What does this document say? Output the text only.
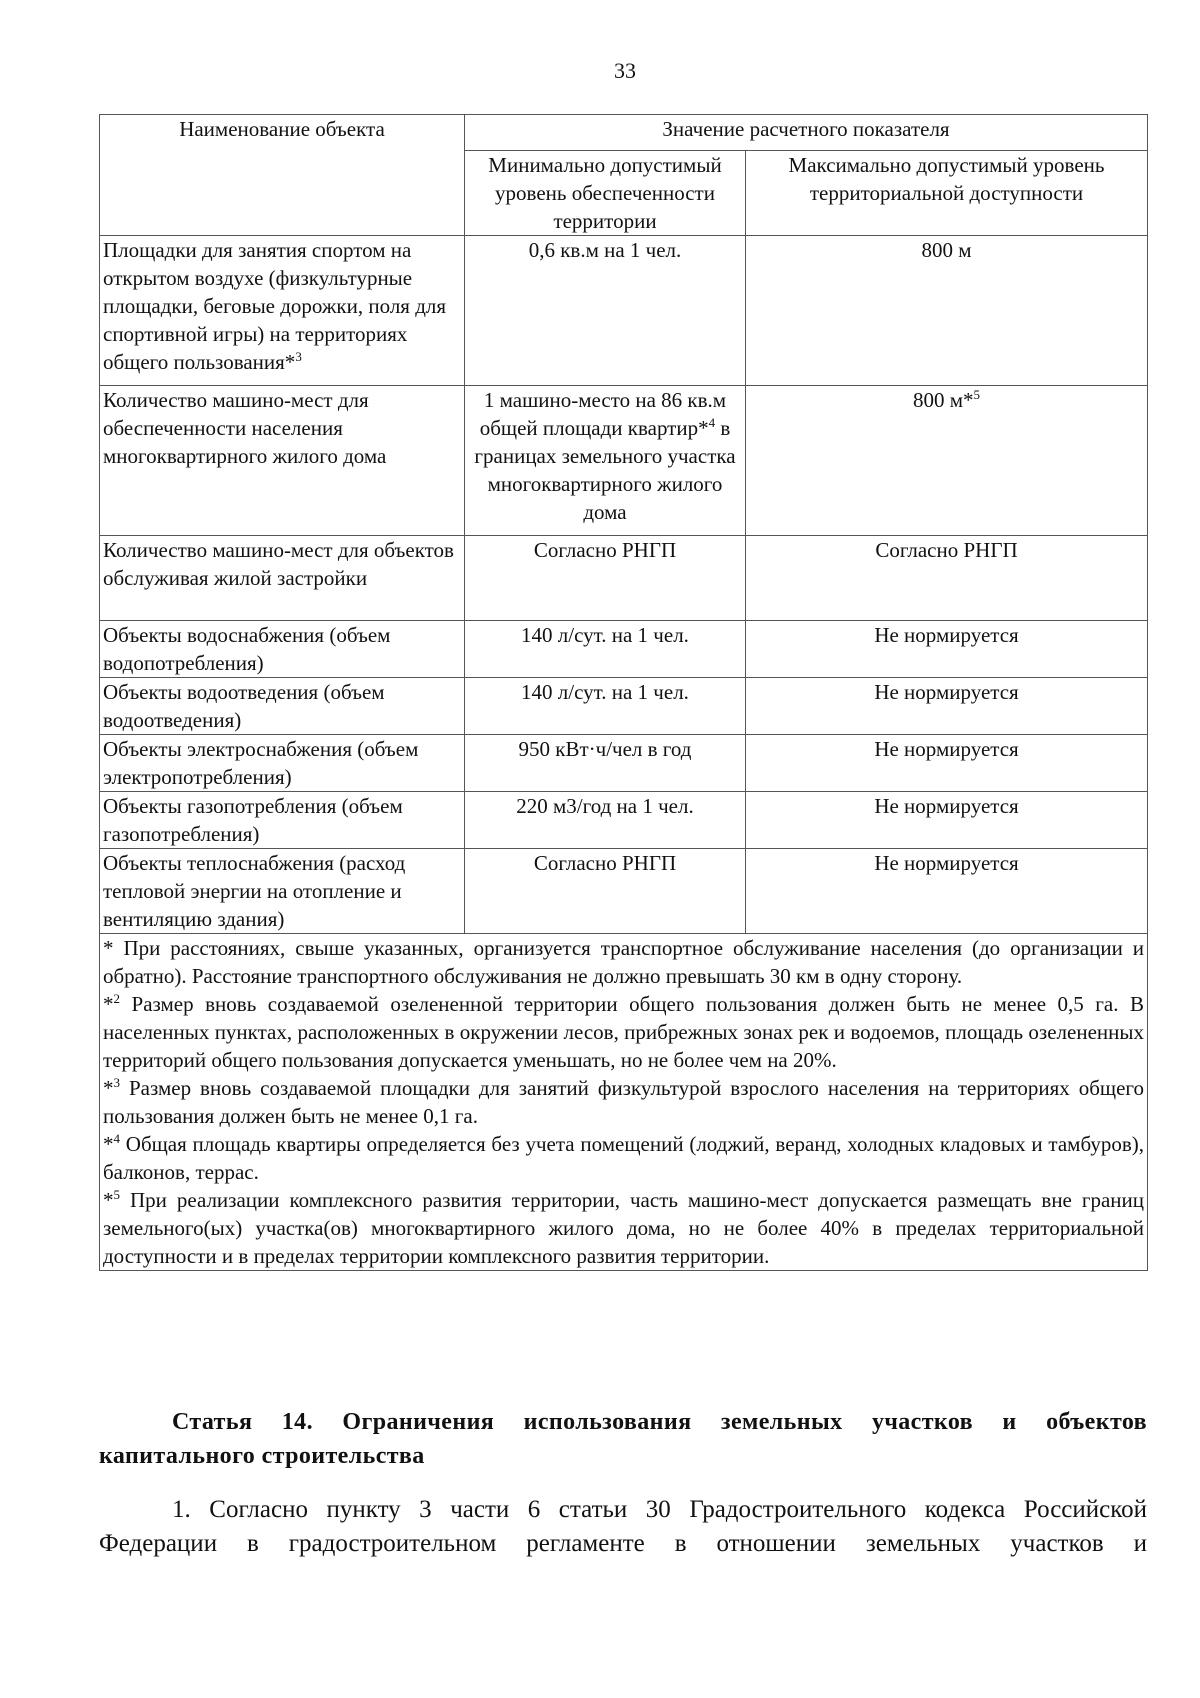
33
Наименование объекта	Значение расчетного показателя	
	Минимально допустимый уровень обеспеченности территории	Максимально допустимый уровень территориальной доступности
Площадки для занятия спортом на открытом воздухе (физкультурные площадки, беговые дорожки, поля для спортивной игры) на территориях общего пользования*$^3$	0,6 кв.м на 1 чел.	800 м
Количество машино-мест для обеспеченности населения многоквартирного жилого дома	1 машино-место на 86 кв.м общей площади квартир*$^4$ в границах земельного участка многоквартирного жилого дома	800 м*$^5$
Количество машино-мест для объектов обслуживая жилой застройки	Согласно РНГП	Согласно РНГП
Объекты водоснабжения (объем водопотребления)	140 л/сут. на 1 чел.	Не нормируется
Объекты водоотведения (объем водоотведения)	140 л/сут. на 1 чел.	Не нормируется
Объекты электроснабжения (объем электропотребления)	950 кВт·ч/чел в год	Не нормируется
Объекты газопотребления (объем газопотребления)	220 м3/год на 1 чел.	Не нормируется
Объекты теплоснабжения (расход тепловой энергии на отопление и вентиляцию здания)	Согласно РНГП	Не нормируется

* При расстояниях, свыше указанных, организуется транспортное обслуживание населения (до организации и обратно). Расстояние транспортного обслуживания не должно превышать 30 км в одну сторону.
*$^2$ Размер вновь создаваемой озелененной территории общего пользования должен быть не менее 0,5 га. В населенных пунктах, расположенных в окружении лесов, прибрежных зонах рек и водоемов, площадь озелененных территорий общего пользования допускается уменьшать, но не более чем на 20%.
*$^3$ Размер вновь создаваемой площадки для занятий физкультурой взрослого населения на территориях общего пользования должен быть не менее 0,1 га.
*$^4$ Общая площадь квартиры определяется без учета помещений (лоджий, веранд, холодных кладовых и тамбуров), балконов, террас.
*$^5$ При реализации комплексного развития территории, часть машино-мест допускается размещать вне границ земельного(ых) участка(ов) многоквартирного жилого дома, но не более 40% в пределах территориальной доступности и в пределах территории комплексного развития территории.		
Статья 14. Ограничения использования земельных участков и объектов капитального строительства
1. Согласно пункту 3 части 6 статьи 30 Градостроительного кодекса Российской Федерации в градостроительном регламенте в отношении земельных участков и
